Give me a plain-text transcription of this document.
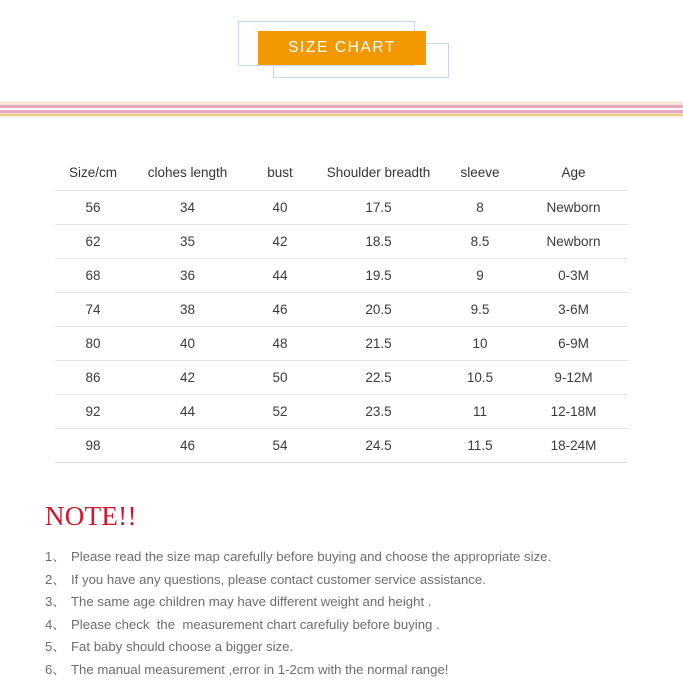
SIZE CHART
Size/cm	clohes length	bust	Shoulder breadth	sleeve	Age
56	34	40	17.5	8	Newborn
62	35	42	18.5	8.5	Newborn
68	36	44	19.5	9	0-3M
74	38	46	20.5	9.5	3-6M
80	40	48	21.5	10	6-9M
86	42	50	22.5	10.5	9-12M
92	44	52	23.5	11	12-18M
98	46	54	24.5	11.5	18-24M
NOTE!!
1、 Please read the size map carefully before buying and choose the appropriate size.
2、 If you have any questions, please contact customer service assistance.
3、 The same age children may have different weight and height .
4、 Please check  the  measurement chart carefuliy before buying .
5、 Fat baby should choose a bigger size.
6、 The manual measurement ,error in 1-2cm with the normal range!
